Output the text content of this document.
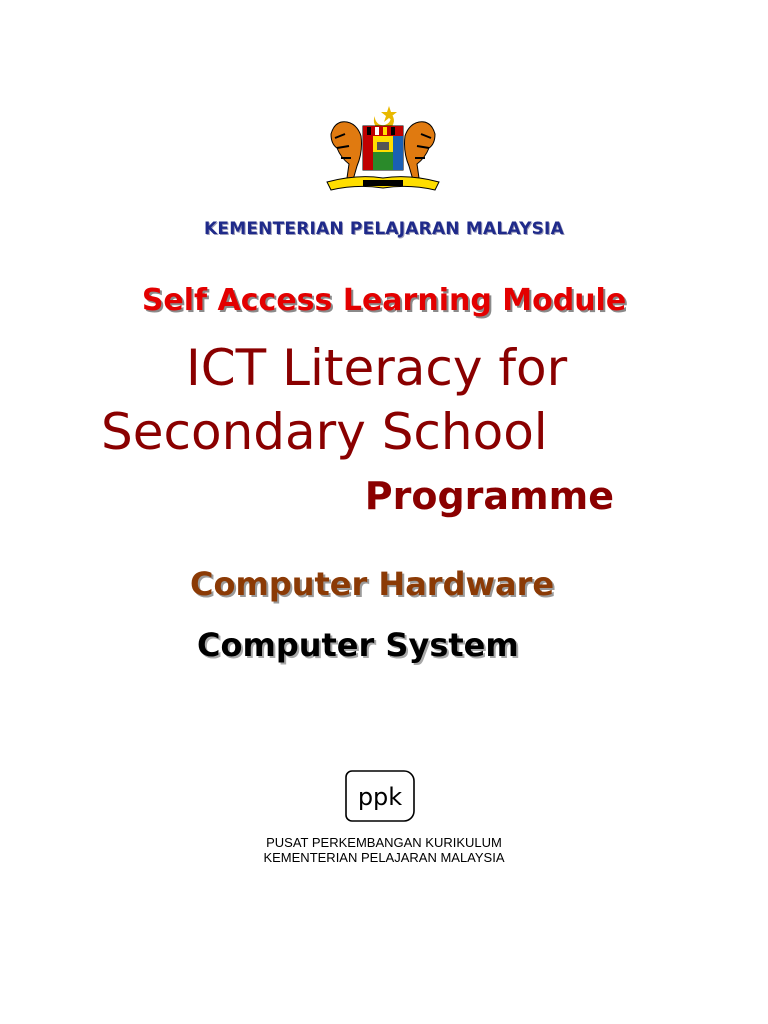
KEMENTERIAN PELAJARAN MALAYSIA
Self Access Learning Module
ICT Literacy for
Secondary School
Programme
Computer Hardware
Computer System
ppk
PUSAT PERKEMBANGAN KURIKULUM
KEMENTERIAN PELAJARAN MALAYSIA
